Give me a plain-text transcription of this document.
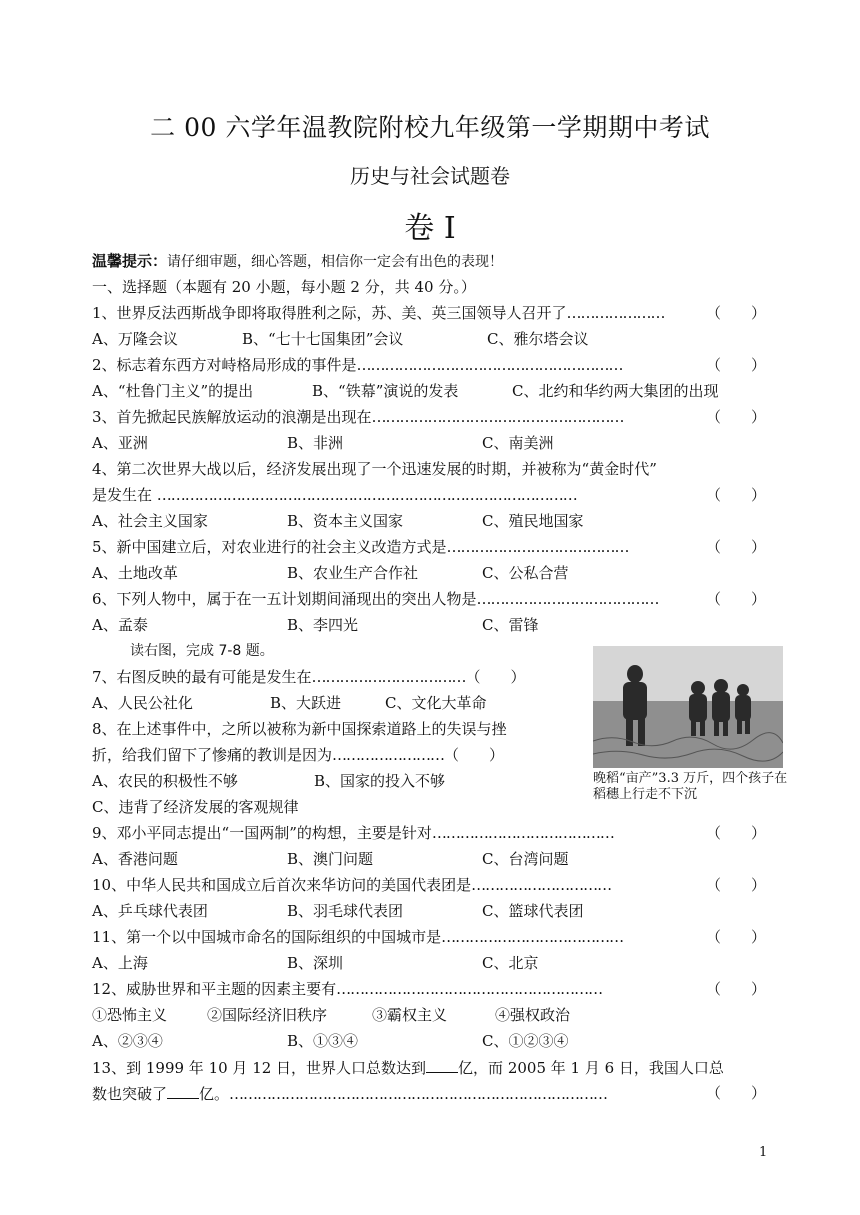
二 00 六学年温教院附校九年级第一学期期中考试
历史与社会试题卷
卷 I
温馨提示：请仔细审题，细心答题，相信你一定会有出色的表现！
一、选择题（本题有 20 小题，每小题 2 分，共 40 分。）
1、世界反法西斯战争即将取得胜利之际，苏、美、英三国领导人召开了…………………	（　　）
A、万隆会议	B、“七十七国集团”会议	C、雅尔塔会议
2、标志着东西方对峙格局形成的事件是…………………………………………………	（　　）
A、“杜鲁门主义”的提出	B、“铁幕”演说的发表	C、北约和华约两大集团的出现
3、首先掀起民族解放运动的浪潮是出现在………………………………………………	（　　）
A、亚洲	B、非洲	C、南美洲
4、第二次世界大战以后，经济发展出现了一个迅速发展的时期，并被称为“黄金时代”
是发生在 ………………………………………………………………………………	（　　）
A、社会主义国家	B、资本主义国家	C、殖民地国家
5、新中国建立后，对农业进行的社会主义改造方式是…………………………………	（　　）
A、土地改革	B、农业生产合作社	C、公私合营
6、下列人物中，属于在一五计划期间涌现出的突出人物是…………………………………	（　　）
A、孟泰	B、李四光	C、雷锋
读右图，完成 7-8 题。
7、右图反映的最有可能是发生在……………………………（　　）
A、人民公社化	B、大跃进	C、文化大革命
8、在上述事件中，之所以被称为新中国探索道路上的失误与挫
折，给我们留下了惨痛的教训是因为……………………（　　）
A、农民的积极性不够	B、国家的投入不够
C、违背了经济发展的客观规律
9、邓小平同志提出“一国两制”的构想，主要是针对…………………………………	（　　）
A、香港问题	B、澳门问题	C、台湾问题
10、中华人民共和国成立后首次来华访问的美国代表团是…………………………	（　　）
A、乒乓球代表团	B、羽毛球代表团	C、篮球代表团
11、第一个以中国城市命名的国际组织的中国城市是…………………………………	（　　）
A、上海	B、深圳	C、北京
12、威胁世界和平主题的因素主要有…………………………………………………	（　　）
①恐怖主义	②国际经济旧秩序	③霸权主义	④强权政治
A、②③④	B、①③④	C、①②③④
13、到 1999 年 10 月 12 日，世界人口总数达到 亿，而 2005 年 1 月 6 日，我国人口总
数也突破了 亿。………………………………………………………………………	（　　）
晚稻“亩产”3.3 万斤，四个孩子在稻穗上行走不下沉
1
